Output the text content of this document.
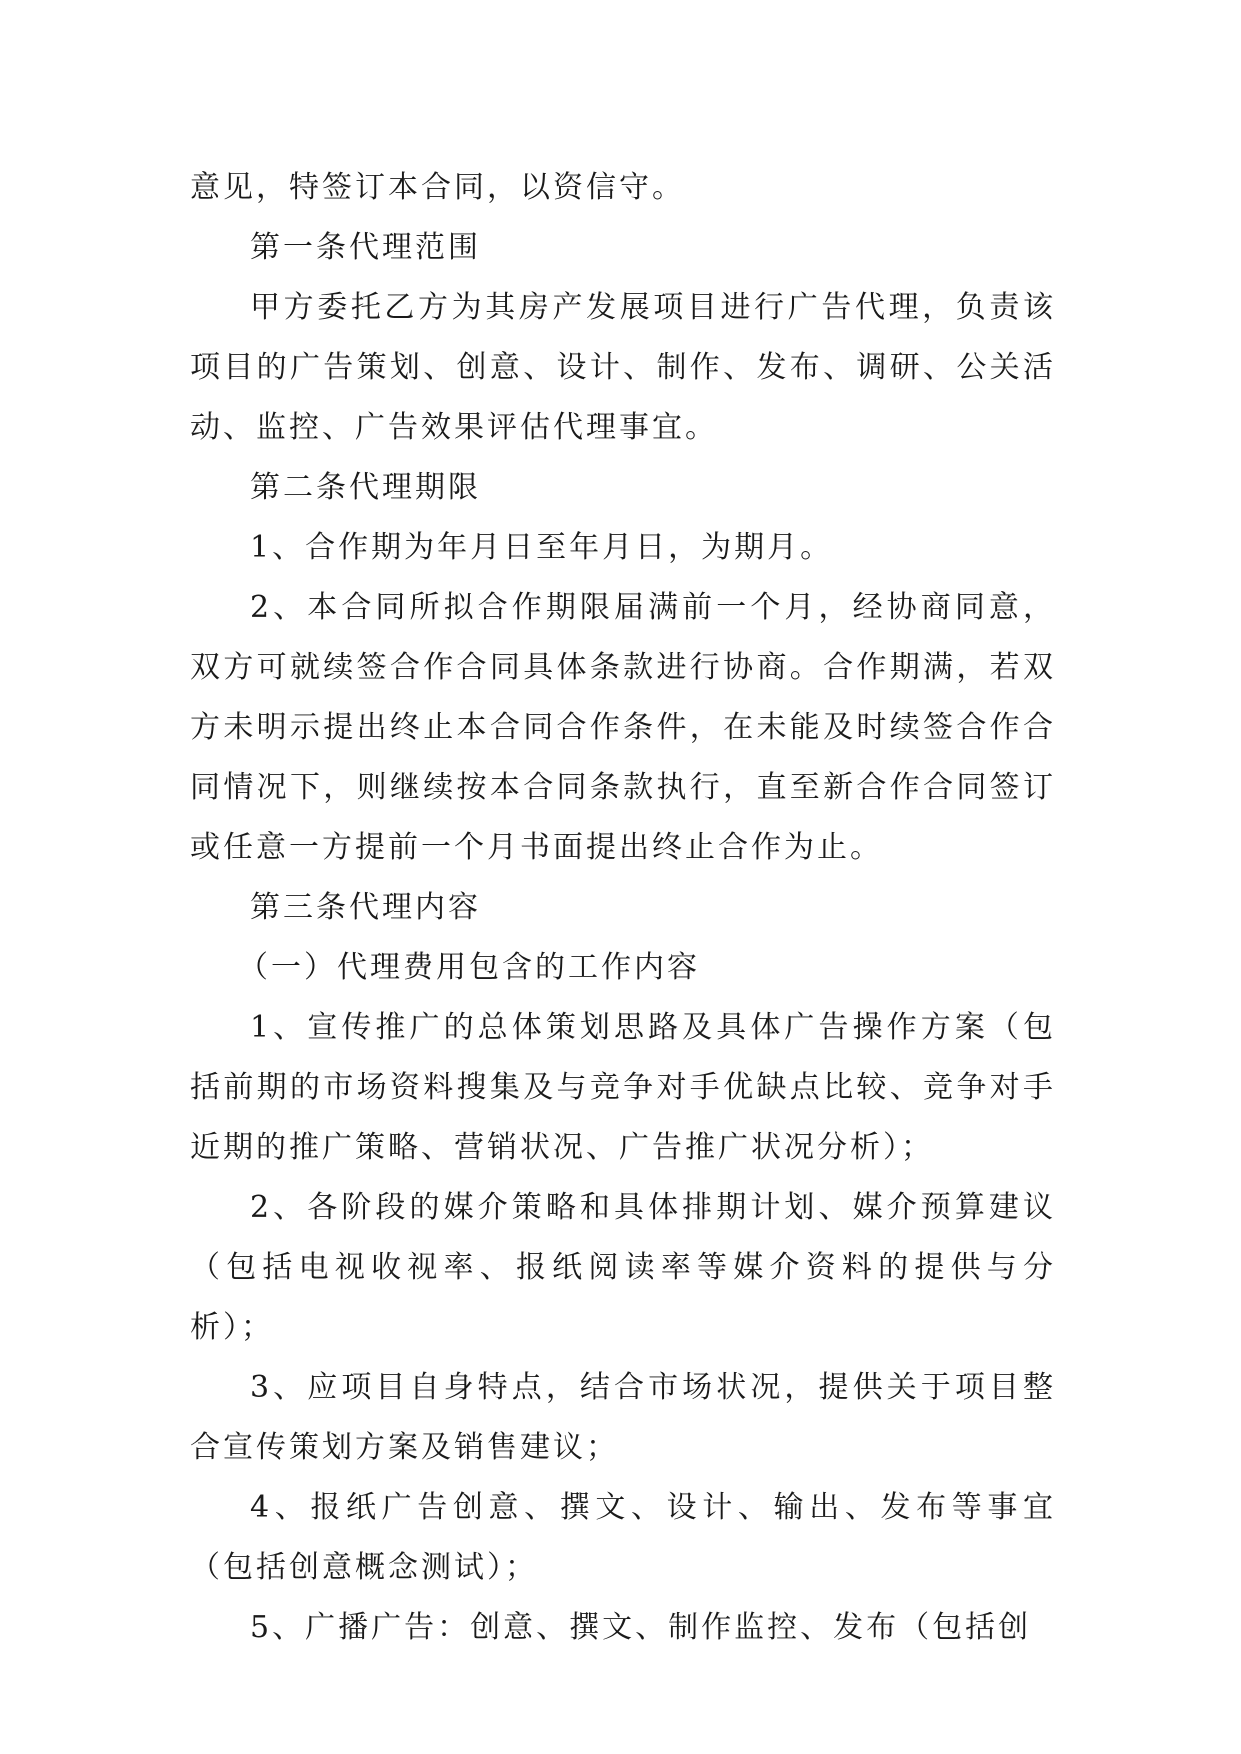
意见，特签订本合同，以资信守。

第一条代理范围

甲方委托乙方为其房产发展项目进行广告代理，负责该项目的广告策划、创意、设计、制作、发布、调研、公关活动、监控、广告效果评估代理事宜。

第二条代理期限

1、合作期为年月日至年月日，为期月。

2、本合同所拟合作期限届满前一个月，经协商同意，双方可就续签合作合同具体条款进行协商。合作期满，若双方未明示提出终止本合同合作条件，在未能及时续签合作合同情况下，则继续按本合同条款执行，直至新合作合同签订或任意一方提前一个月书面提出终止合作为止。

第三条代理内容

（一）代理费用包含的工作内容

1、宣传推广的总体策划思路及具体广告操作方案（包括前期的市场资料搜集及与竞争对手优缺点比较、竞争对手近期的推广策略、营销状况、广告推广状况分析）；

2、各阶段的媒介策略和具体排期计划、媒介预算建议（包括电视收视率、报纸阅读率等媒介资料的提供与分析）；

3、应项目自身特点，结合市场状况，提供关于项目整合宣传策划方案及销售建议；

4、报纸广告创意、撰文、设计、输出、发布等事宜（包括创意概念测试）；

5、广播广告：创意、撰文、制作监控、发布（包括创
